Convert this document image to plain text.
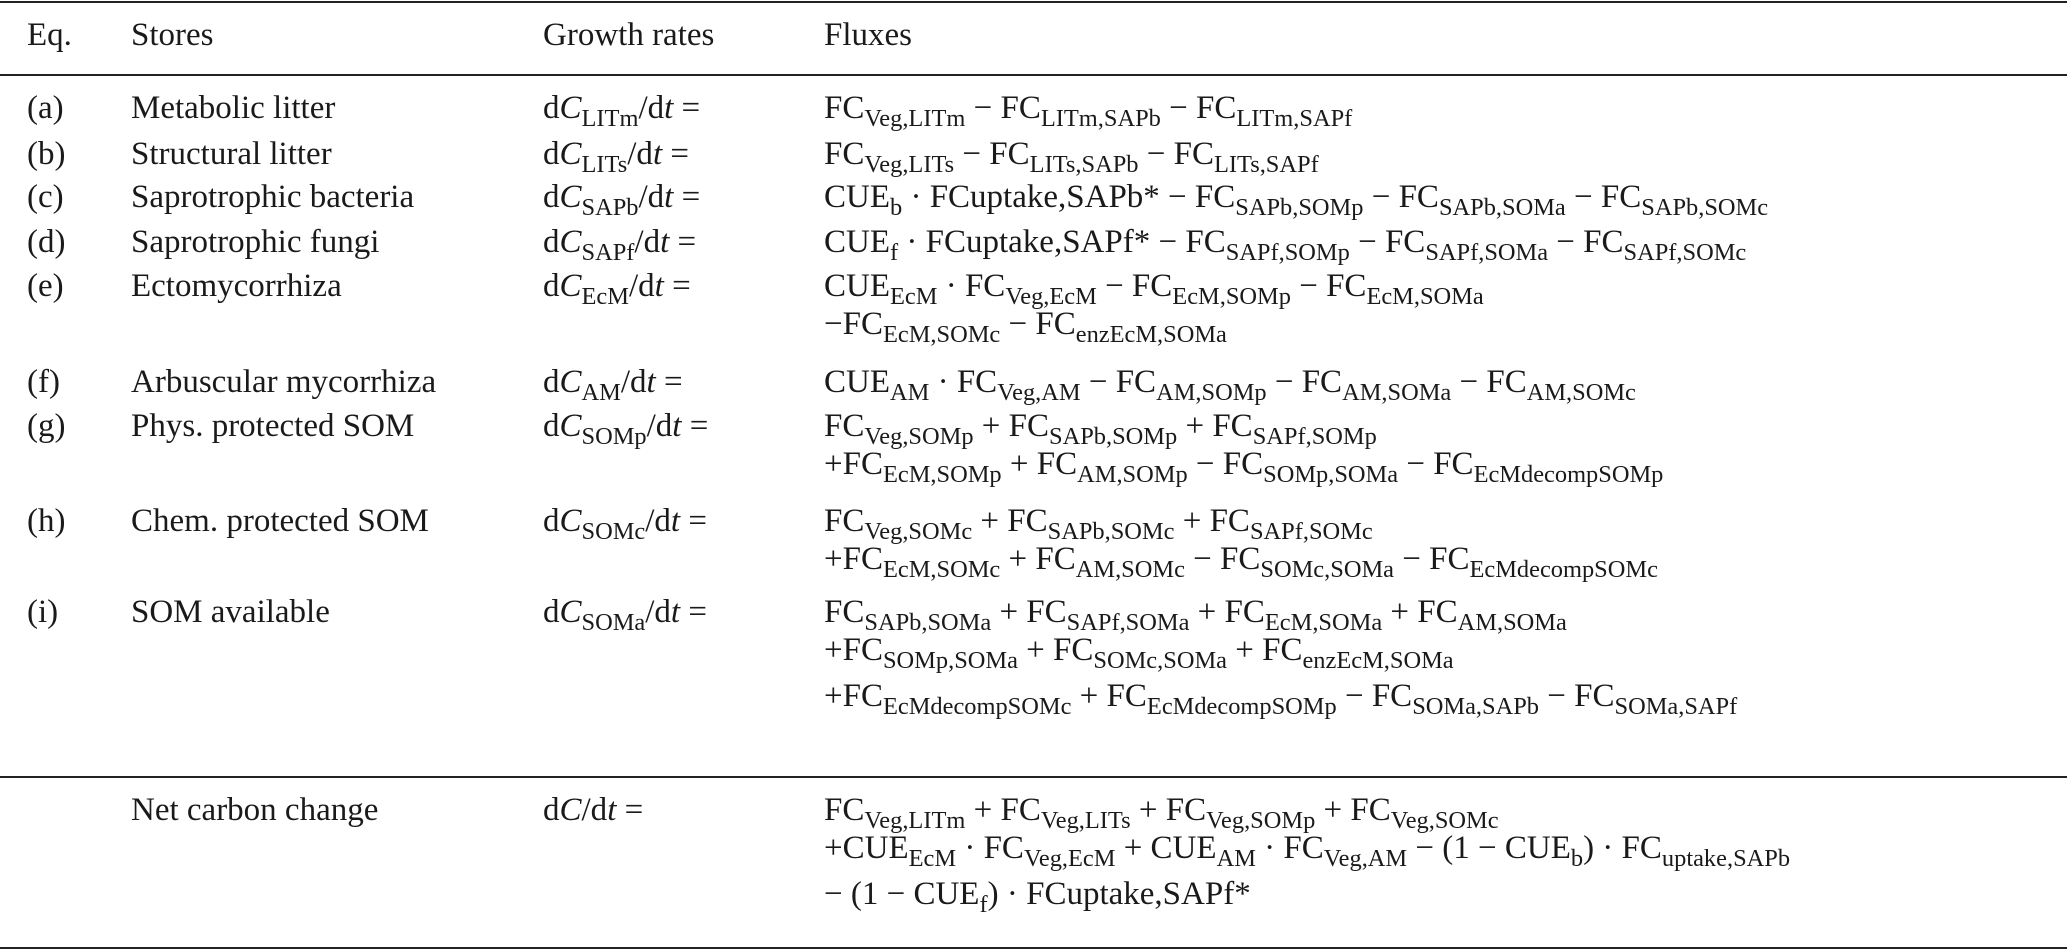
Eq. Stores	Growth rates	Fluxes
(a) Metabolic litter	$dC_{LITm}/dt$ =	$FC_{Veg,LITm} - FC_{LITm,SAPb} - FC_{LITm,SAPf}$
(b) Structural litter	$dC_{LITs}/dt$ =	$FC_{Veg,LITs} - FC_{LITs,SAPb} - FC_{LITs,SAPf}$
(c) Saprotrophic bacteria	$dC_{SAPb}/dt$ =	$CUE_b$ · FCuptake,SAPb* − $FC_{SAPb,SOMp} - FC_{SAPb,SOMa} - FC_{SAPb,SOMc}$
(d) Saprotrophic fungi	$dC_{SAPf}/dt$ =	$CUE_f$ · FCuptake,SAPf* − $FC_{SAPf,SOMp} - FC_{SAPf,SOMa} - FC_{SAPf,SOMc}$
(e) Ectomycorrhiza	$dC_{EcM}/dt$ =	$CUE_{EcM} \cdot FC_{Veg,EcM} - FC_{EcM,SOMp} - FC_{EcM,SOMa}$
$-FC_{EcM,SOMc} - FC_{enzEcM,SOMa}$
(f) Arbuscular mycorrhiza	$dC_{AM}/dt$ =	$CUE_{AM} \cdot FC_{Veg,AM} - FC_{AM,SOMp} - FC_{AM,SOMa} - FC_{AM,SOMc}$
(g) Phys. protected SOM	$dC_{SOMp}/dt$ =	$FC_{Veg,SOMp} + FC_{SAPb,SOMp} + FC_{SAPf,SOMp}$
$+FC_{EcM,SOMp} + FC_{AM,SOMp} - FC_{SOMp,SOMa} - FC_{EcMdecompSOMp}$
(h) Chem. protected SOM	$dC_{SOMc}/dt$ =	$FC_{Veg,SOMc} + FC_{SAPb,SOMc} + FC_{SAPf,SOMc}$
$+FC_{EcM,SOMc} + FC_{AM,SOMc} - FC_{SOMc,SOMa} - FC_{EcMdecompSOMc}$
(i) SOM available	$dC_{SOMa}/dt$ =	$FC_{SAPb,SOMa} + FC_{SAPf,SOMa} + FC_{EcM,SOMa} + FC_{AM,SOMa}$
$+FC_{SOMp,SOMa} + FC_{SOMc,SOMa} + FC_{enzEcM,SOMa}$
$+FC_{EcMdecompSOMc} + FC_{EcMdecompSOMp} - FC_{SOMa,SAPb} - FC_{SOMa,SAPf}$
Net carbon change	dC/dt =	$FC_{Veg,LITm} + FC_{Veg,LITs} + FC_{Veg,SOMp} + FC_{Veg,SOMc}$
$+CUE_{EcM} \cdot FC_{Veg,EcM} + CUE_{AM} \cdot FC_{Veg,AM} - (1 - CUE_b) \cdot FC_{uptake,SAPb}$
− $(1 - CUE_f)$ · FCuptake,SAPf*
